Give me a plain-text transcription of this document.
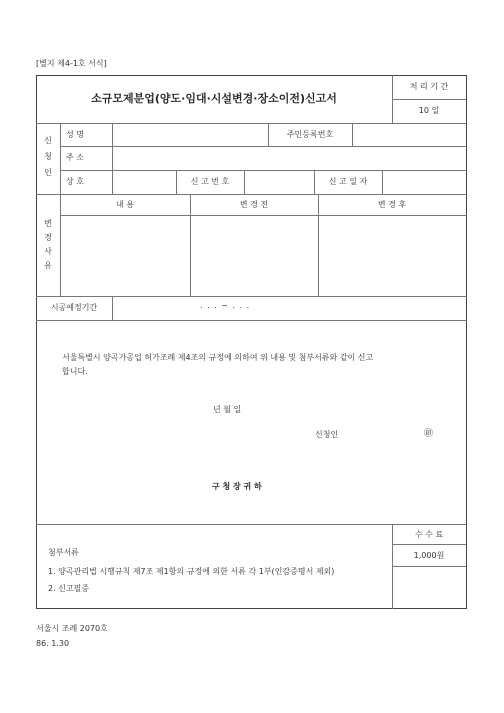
[별지 제4-1호 서식]
소규모제분업(양도·임대·시설변경·장소이전)신고서
처 리 기 간
10 일
신
청
인
성 명	주민등록번호
주 소
상 호	신 고 번 호	신 고 일 자
변
경
사
유
내 용	변 경 전	변 경 후
시공예정기간	. . . ~ . . .
서울특별시 양곡가공업 허가조례 제4조의 규정에 의하여 위 내용 및 첨부서류와 같이 신고
합니다.
년 월 일
신청인	㊞
구 청 장 귀 하
수 수 료
1,000원
첨부서류
1. 양곡관리법 시행규칙 제7조 제1항의 규정에 의한 서류 각 1부(인감증명서 제외)
2. 신고필증
서울시 조례 2070호
86. 1.30
